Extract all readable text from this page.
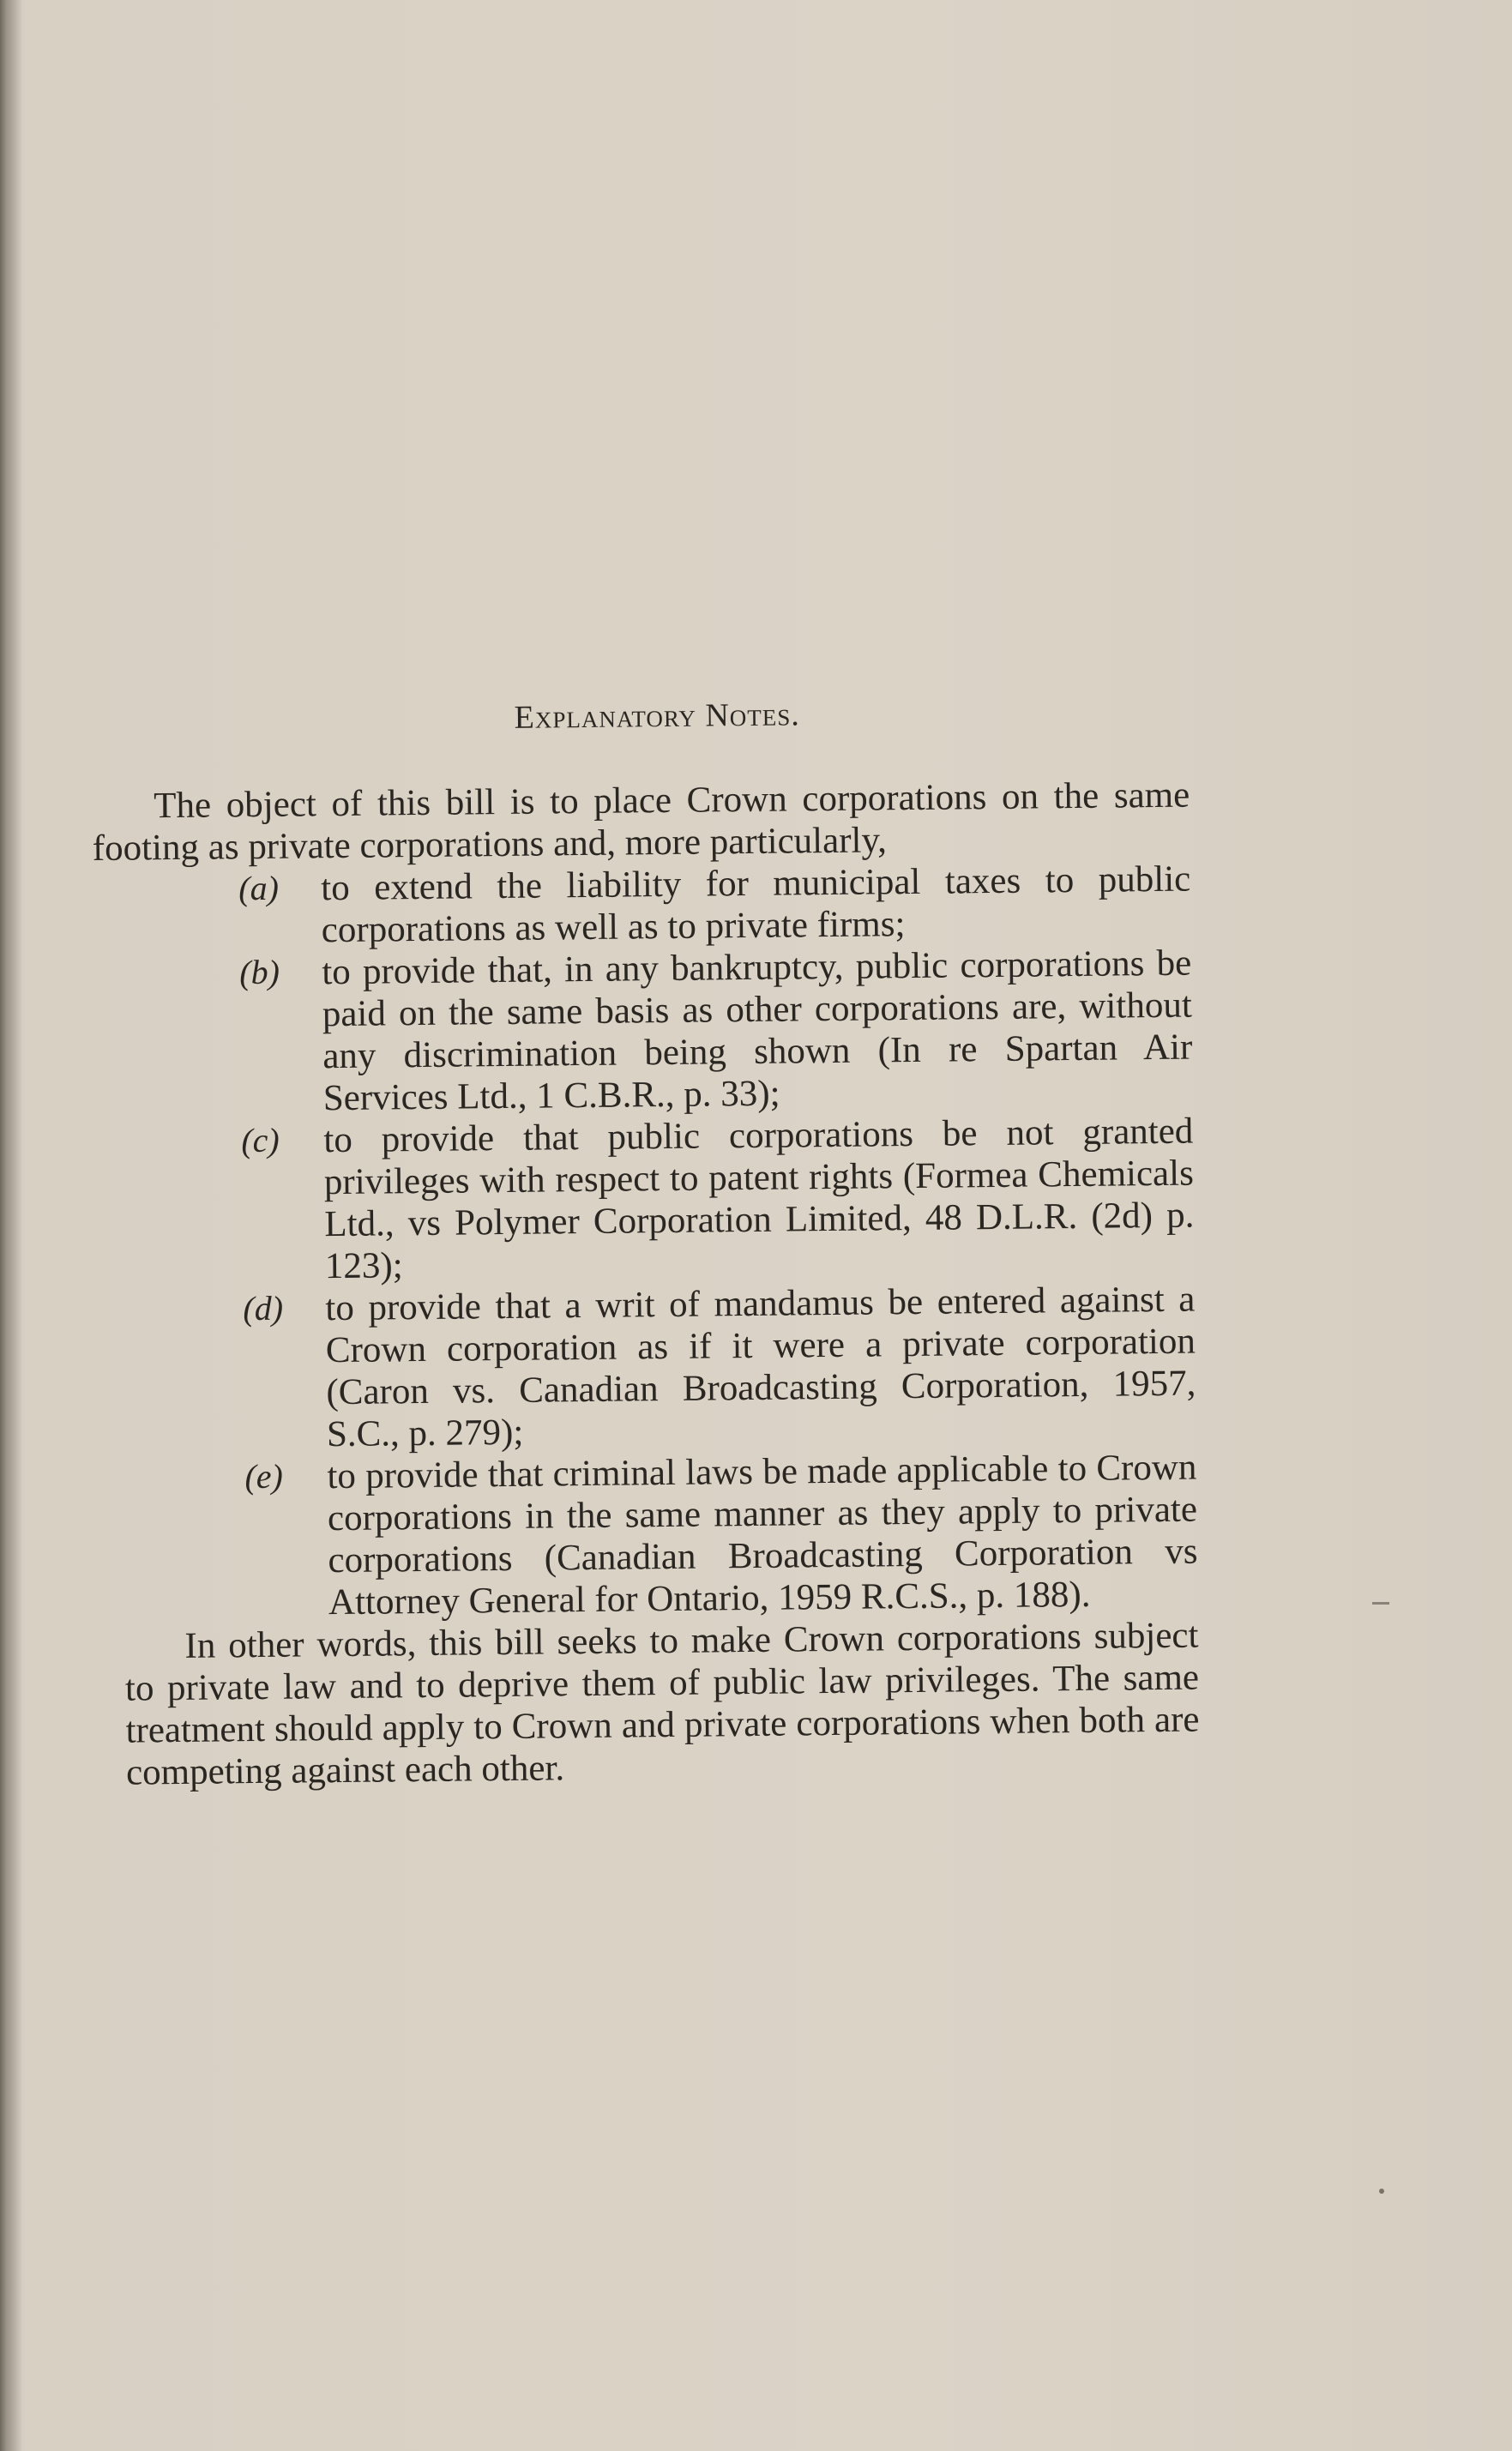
Explanatory Notes.

The object of this bill is to place Crown corporations on the same footing as private corporations and, more particularly,

(a) to extend the liability for municipal taxes to public corporations as well as to private firms;

(b) to provide that, in any bankruptcy, public corporations be paid on the same basis as other corporations are, without any discrimination being shown (In re Spartan Air Services Ltd., 1 C.B.R., p. 33);

(c) to provide that public corporations be not granted privileges with respect to patent rights (Formea Chemicals Ltd., vs Polymer Corporation Limited, 48 D.L.R. (2d) p. 123);

(d) to provide that a writ of mandamus be entered against a Crown corporation as if it were a private corporation (Caron vs. Canadian Broadcasting Corporation, 1957, S.C., p. 279);

(e) to provide that criminal laws be made applicable to Crown corporations in the same manner as they apply to private corporations (Canadian Broadcasting Corporation vs Attorney General for Ontario, 1959 R.C.S., p. 188).

In other words, this bill seeks to make Crown corporations subject to private law and to deprive them of public law privileges. The same treatment should apply to Crown and private corporations when both are competing against each other.
